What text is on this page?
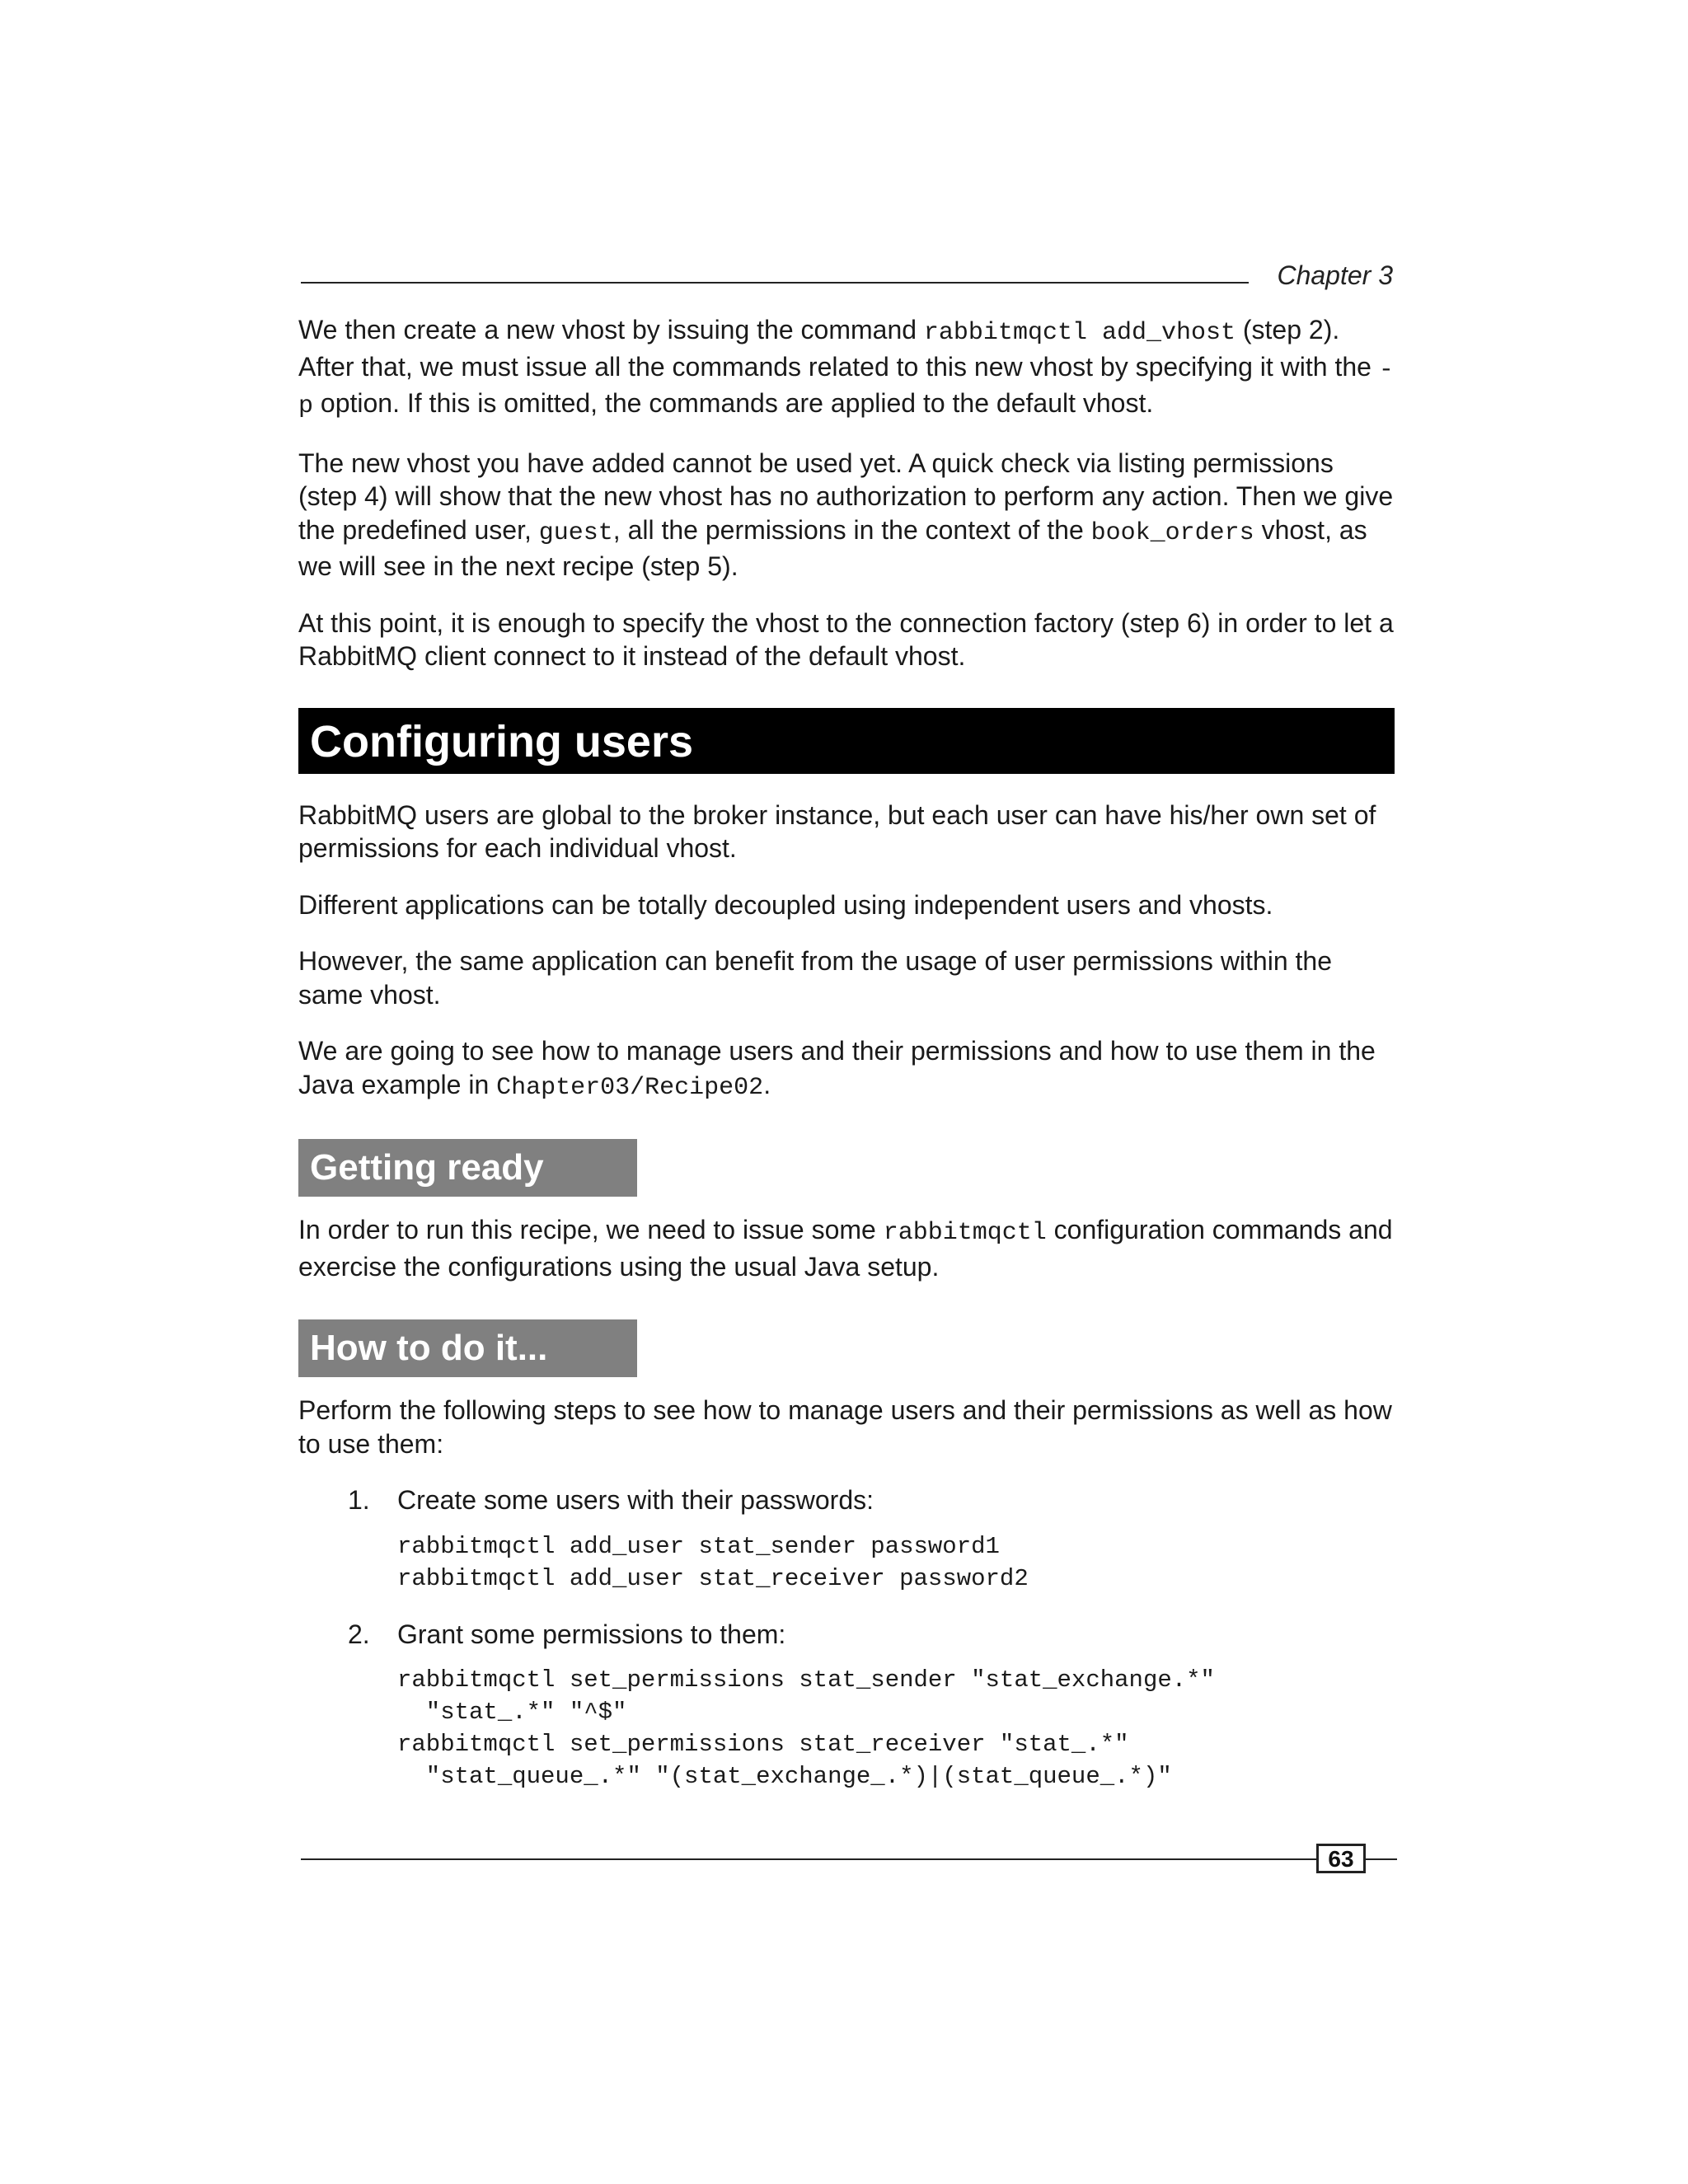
Chapter 3

We then create a new vhost by issuing the command rabbitmqctl add_vhost (step 2). After that, we must issue all the commands related to this new vhost by specifying it with the -p option. If this is omitted, the commands are applied to the default vhost.

The new vhost you have added cannot be used yet. A quick check via listing permissions (step 4) will show that the new vhost has no authorization to perform any action. Then we give the predefined user, guest, all the permissions in the context of the book_orders vhost, as we will see in the next recipe (step 5).

At this point, it is enough to specify the vhost to the connection factory (step 6) in order to let a RabbitMQ client connect to it instead of the default vhost.

Configuring users

RabbitMQ users are global to the broker instance, but each user can have his/her own set of permissions for each individual vhost.

Different applications can be totally decoupled using independent users and vhosts.

However, the same application can benefit from the usage of user permissions within the same vhost.

We are going to see how to manage users and their permissions and how to use them in the Java example in Chapter03/Recipe02.

Getting ready

In order to run this recipe, we need to issue some rabbitmqctl configuration commands and exercise the configurations using the usual Java setup.

How to do it...

Perform the following steps to see how to manage users and their permissions as well as how to use them:

1. Create some users with their passwords:
rabbitmqctl add_user stat_sender password1
rabbitmqctl add_user stat_receiver password2
2. Grant some permissions to them:
rabbitmqctl set_permissions stat_sender "stat_exchange.*"
"stat_.*" "^$"
rabbitmqctl set_permissions stat_receiver "stat_.*"
"stat_queue_.*" "(stat_exchange_.*)|(stat_queue_.*)"
63
